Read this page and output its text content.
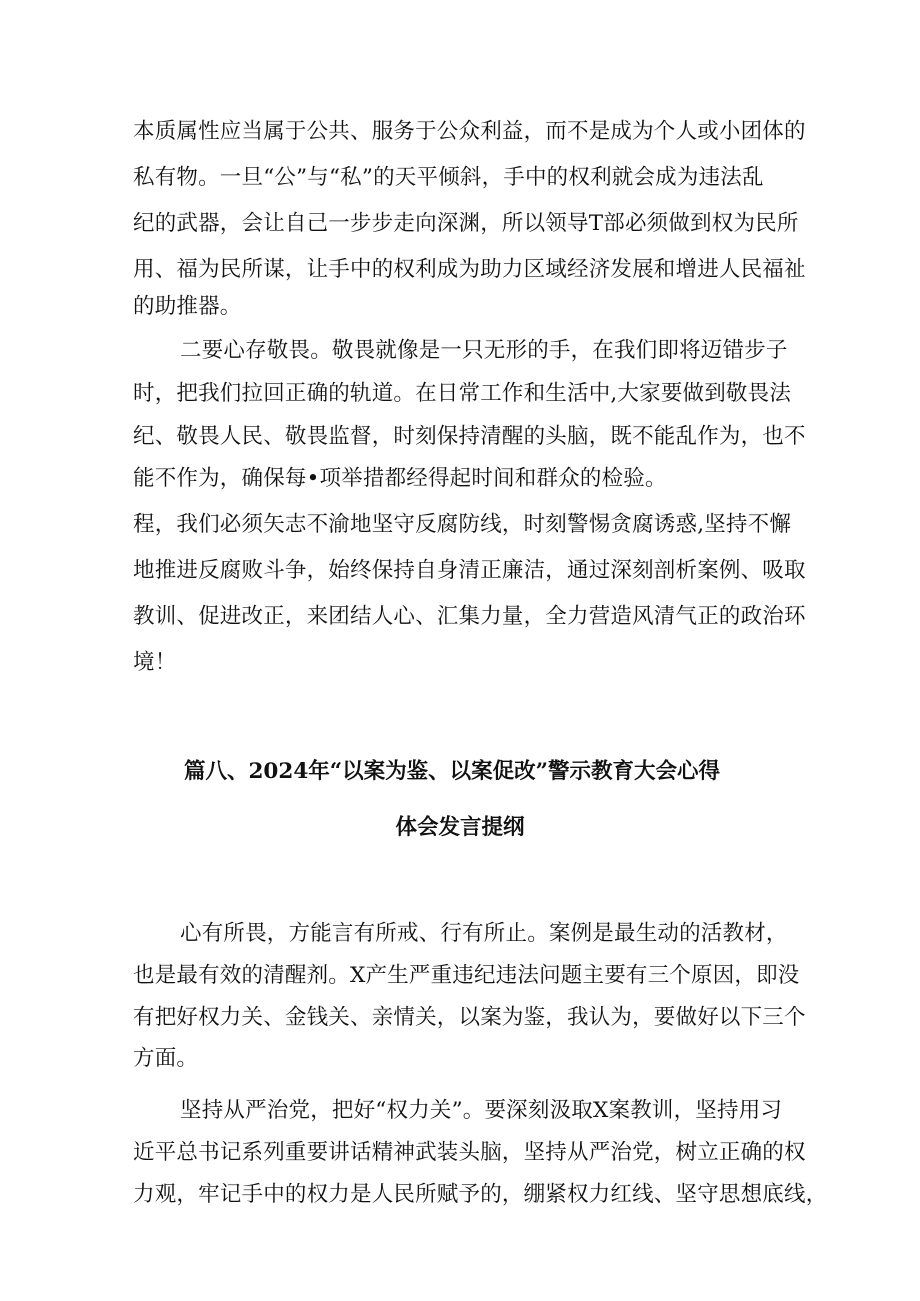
本质属性应当属于公共、服务于公众利益，而不是成为个人或小团体的
私有物。一旦“公”与“私”的天平倾斜，手中的权利就会成为违法乱
纪的武器，会让自己一步步走向深渊，所以领导T部必须做到权为民所
用、福为民所谋，让手中的权利成为助力区域经济发展和增进人民福祉
的助推器。
二要心存敬畏。敬畏就像是一只无形的手，在我们即将迈错步子
时，把我们拉回正确的轨道。在日常工作和生活中,大家要做到敬畏法
纪、敬畏人民、敬畏监督，时刻保持清醒的头脑，既不能乱作为，也不
能不作为，确保每•项举措都经得起时间和群众的检验。
程，我们必须矢志不渝地坚守反腐防线，时刻警惕贪腐诱惑,坚持不懈
地推进反腐败斗争，始终保持自身清正廉洁，通过深刻剖析案例、吸取
教训、促进改正，来团结人心、汇集力量，全力营造风清气正的政治环
境！
篇八、2024年“以案为鉴、以案促改”警示教育大会心得
体会发言提纲
心有所畏，方能言有所戒、行有所止。案例是最生动的活教材，
也是最有效的清醒剂。X产生严重违纪违法问题主要有三个原因，即没
有把好权力关、金钱关、亲情关，以案为鉴，我认为，要做好以下三个
方面。
坚持从严治党，把好“权力关”。要深刻汲取X案教训，坚持用习
近平总书记系列重要讲话精神武装头脑，坚持从严治党，树立正确的权
力观，牢记手中的权力是人民所赋予的，绷紧权力红线、坚守思想底线，
